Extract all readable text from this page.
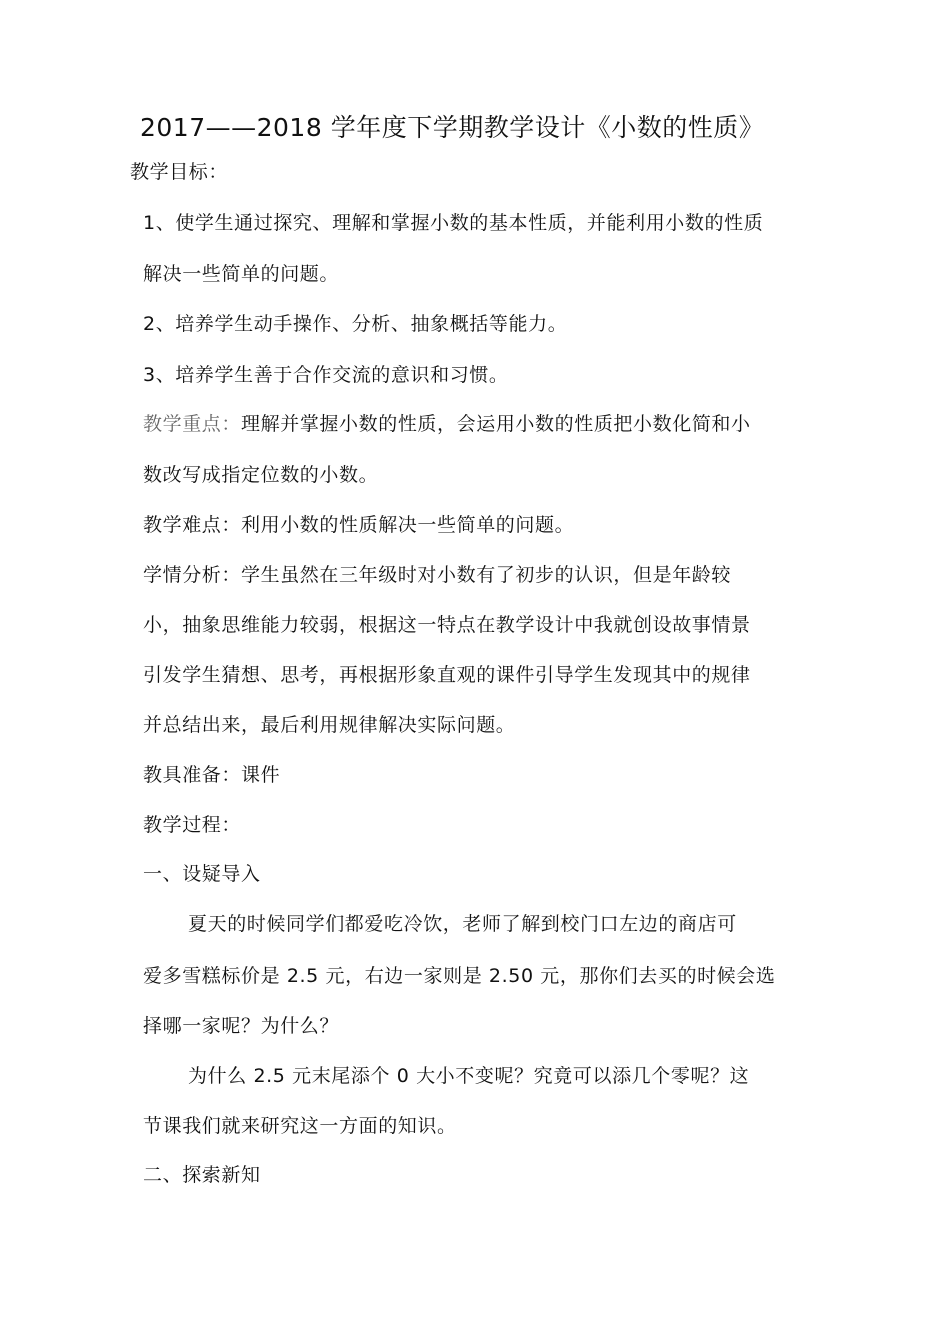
2017——2018 学年度下学期教学设计《小数的性质》
教学目标：
1、使学生通过探究、理解和掌握小数的基本性质，并能利用小数的性质
解决一些简单的问题。
2、培养学生动手操作、分析、抽象概括等能力。
3、培养学生善于合作交流的意识和习惯。
教学重点：理解并掌握小数的性质，会运用小数的性质把小数化简和小
数改写成指定位数的小数。
教学难点：利用小数的性质解决一些简单的问题。
学情分析：学生虽然在三年级时对小数有了初步的认识，但是年龄较
小，抽象思维能力较弱，根据这一特点在教学设计中我就创设故事情景
引发学生猜想、思考，再根据形象直观的课件引导学生发现其中的规律
并总结出来，最后利用规律解决实际问题。
教具准备：课件
教学过程：
一、设疑导入
夏天的时候同学们都爱吃冷饮，老师了解到校门口左边的商店可
爱多雪糕标价是 2.5 元，右边一家则是 2.50 元，那你们去买的时候会选
择哪一家呢？为什么？
为什么 2.5 元末尾添个 0 大小不变呢？究竟可以添几个零呢？这
节课我们就来研究这一方面的知识。
二、探索新知
